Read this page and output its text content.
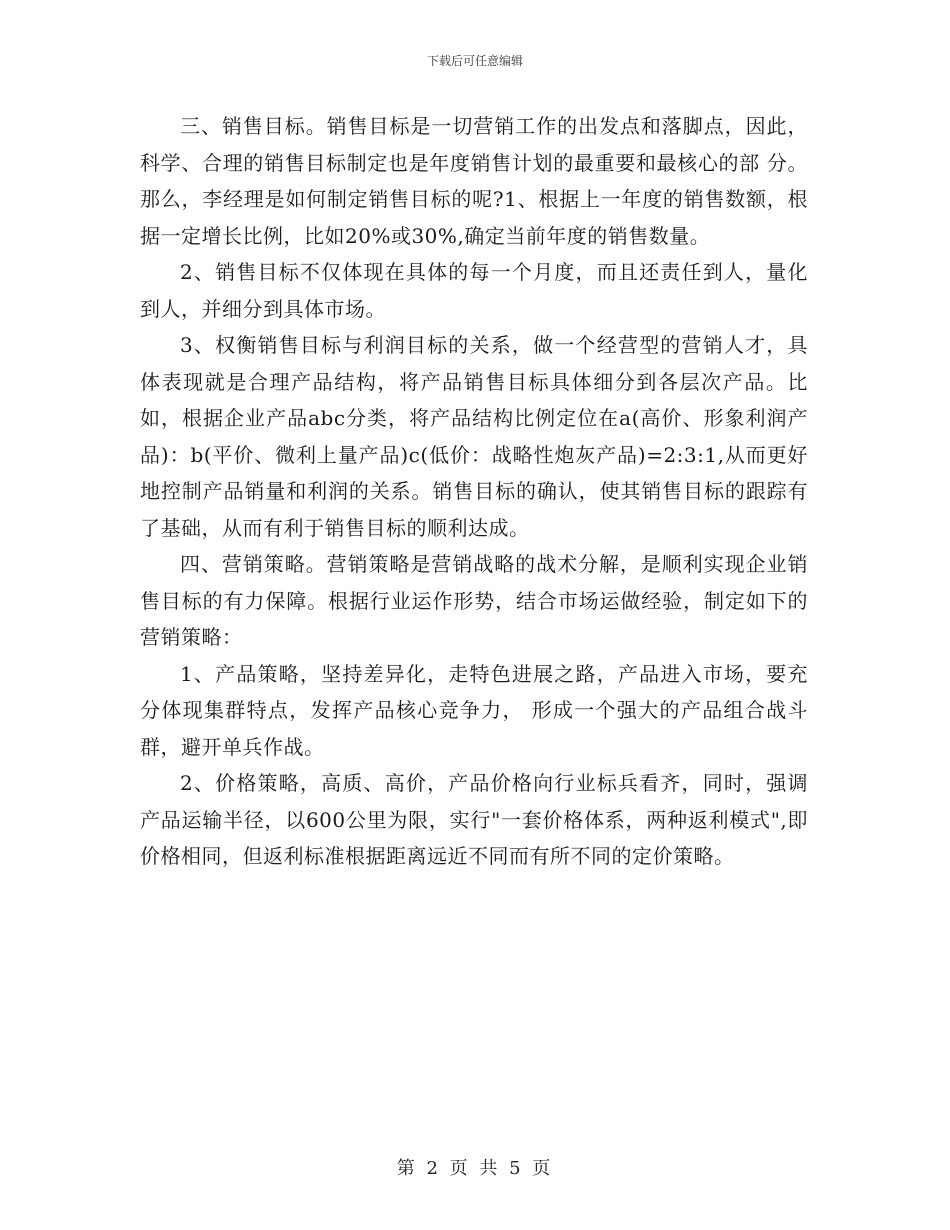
下载后可任意编辑

三、销售目标。销售目标是一切营销工作的出发点和落脚点，因此，科学、合理的销售目标制定也是年度销售计划的最重要和最核心的部 分。那么，李经理是如何制定销售目标的呢?1、根据上一年度的销售数额，根据一定增长比例，比如20%或30%,确定当前年度的销售数量。

2、销售目标不仅体现在具体的每一个月度，而且还责任到人，量化到人，并细分到具体市场。

3、权衡销售目标与利润目标的关系，做一个经营型的营销人才，具体表现就是合理产品结构，将产品销售目标具体细分到各层次产品。比如，根据企业产品abc分类，将产品结构比例定位在a(高价、形象利润产 品)：b(平价、微利上量产品)c(低价：战略性炮灰产品)=2:3:1,从而更好地控制产品销量和利润的关系。销售目标的确认，使其销售目标的跟踪有了基础，从而有利于销售目标的顺利达成。

四、营销策略。营销策略是营销战略的战术分解，是顺利实现企业销售目标的有力保障。根据行业运作形势，结合市场运做经验，制定如下的营销策略：

1、产品策略，坚持差异化，走特色进展之路，产品进入市场，要充分体现集群特点，发挥产品核心竞争力， 形成一个强大的产品组合战斗群，避开单兵作战。

2、价格策略，高质、高价，产品价格向行业标兵看齐，同时，强调产品运输半径，以600公里为限，实行"一套价格体系，两种返利模式",即价格相同，但返利标准根据距离远近不同而有所不同的定价策略。

第 2 页 共 5 页
